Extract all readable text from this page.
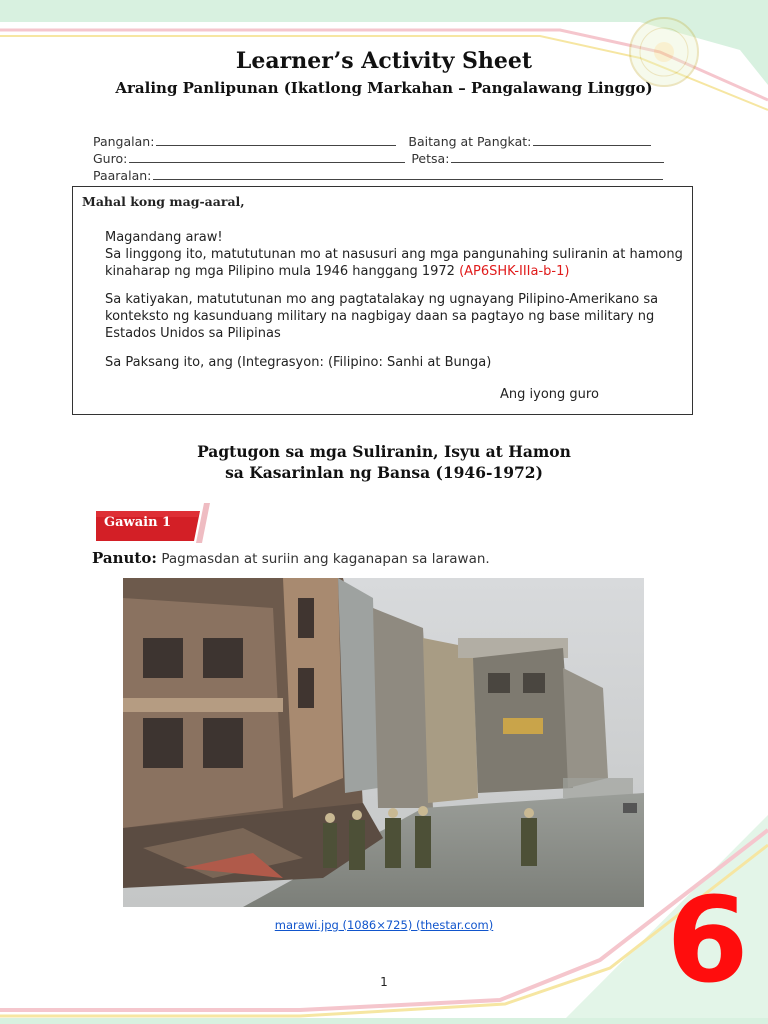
Learner’s Activity Sheet
Araling Panlipunan (Ikatlong Markahan – Pangalawang Linggo)
Pangalan:	Baitang at Pangkat:
Guro:	Petsa:
Paaralan:
Mahal kong mag-aaral,
Magandang araw!
Sa linggong ito, matututunan mo at nasusuri ang mga pangunahing suliranin at hamong kinaharap ng mga Pilipino mula 1946 hanggang 1972 (AP6SHK-IIIa-b-1)
Sa katiyakan, matututunan mo ang pagtatalakay ng ugnayang Pilipino-Amerikano sa konteksto ng kasunduang military na nagbigay daan sa pagtayo ng base military ng Estados Unidos sa Pilipinas
Sa Paksang ito, ang (Integrasyon: (Filipino: Sanhi at Bunga)
Ang iyong guro
Pagtugon sa mga Suliranin, Isyu at Hamon
sa Kasarinlan ng Bansa (1946-1972)
Gawain 1
Panuto: Pagmasdan at suriin ang kaganapan sa larawan.
marawi.jpg (1086×725) (thestar.com)
1	6
